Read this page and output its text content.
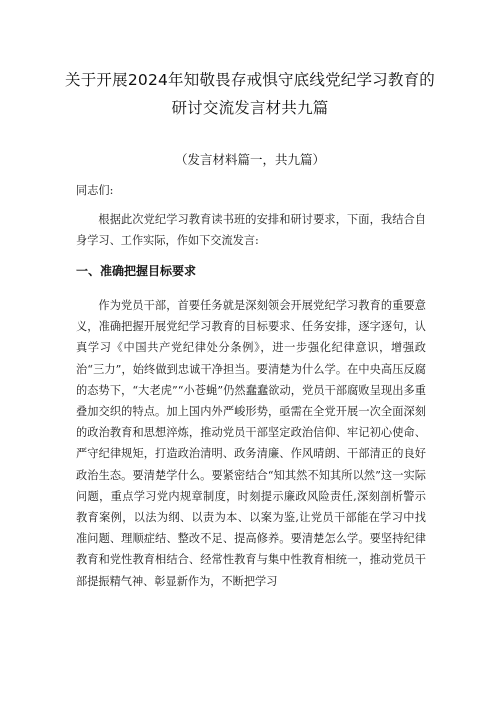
关于开展2024年知敬畏存戒惧守底线党纪学习教育的研讨交流发言材共九篇
（发言材料篇一，共九篇）
同志们:
根据此次党纪学习教育读书班的安排和研讨要求，下面，我结合自身学习、工作实际，作如下交流发言:
一、准确把握目标要求
作为党员干部，首要任务就是深刻领会开展党纪学习教育的重要意义，准确把握开展党纪学习教育的目标要求、任务安排，逐字逐句，认真学习《中国共产党纪律处分条例》，进一步强化纪律意识，增强政治“三力”，始终做到忠诚干净担当。要清楚为什么学。在中央高压反腐的态势下，“大老虎”“小苍蝇”仍然蠢蠢欲动，党员干部腐败呈现出多重叠加交织的特点。加上国内外严峻形势，亟需在全党开展一次全面深刻的政治教育和思想淬炼，推动党员干部坚定政治信仰、牢记初心使命、严守纪律规矩，打造政治清明、政务清廉、作风晴朗、干部清正的良好政治生态。要清楚学什么。要紧密结合“知其然不知其所以然”这一实际问题，重点学习党内规章制度，时刻提示廉政风险责任,深刻剖析警示教育案例，以法为纲、以责为本、以案为鉴,让党员干部能在学习中找准问题、理顺症结、整改不足、提高修养。要清楚怎么学。要坚持纪律教育和党性教育相结合、经常性教育与集中性教育相统一，推动党员干部提振精气神、彰显新作为，不断把学习
